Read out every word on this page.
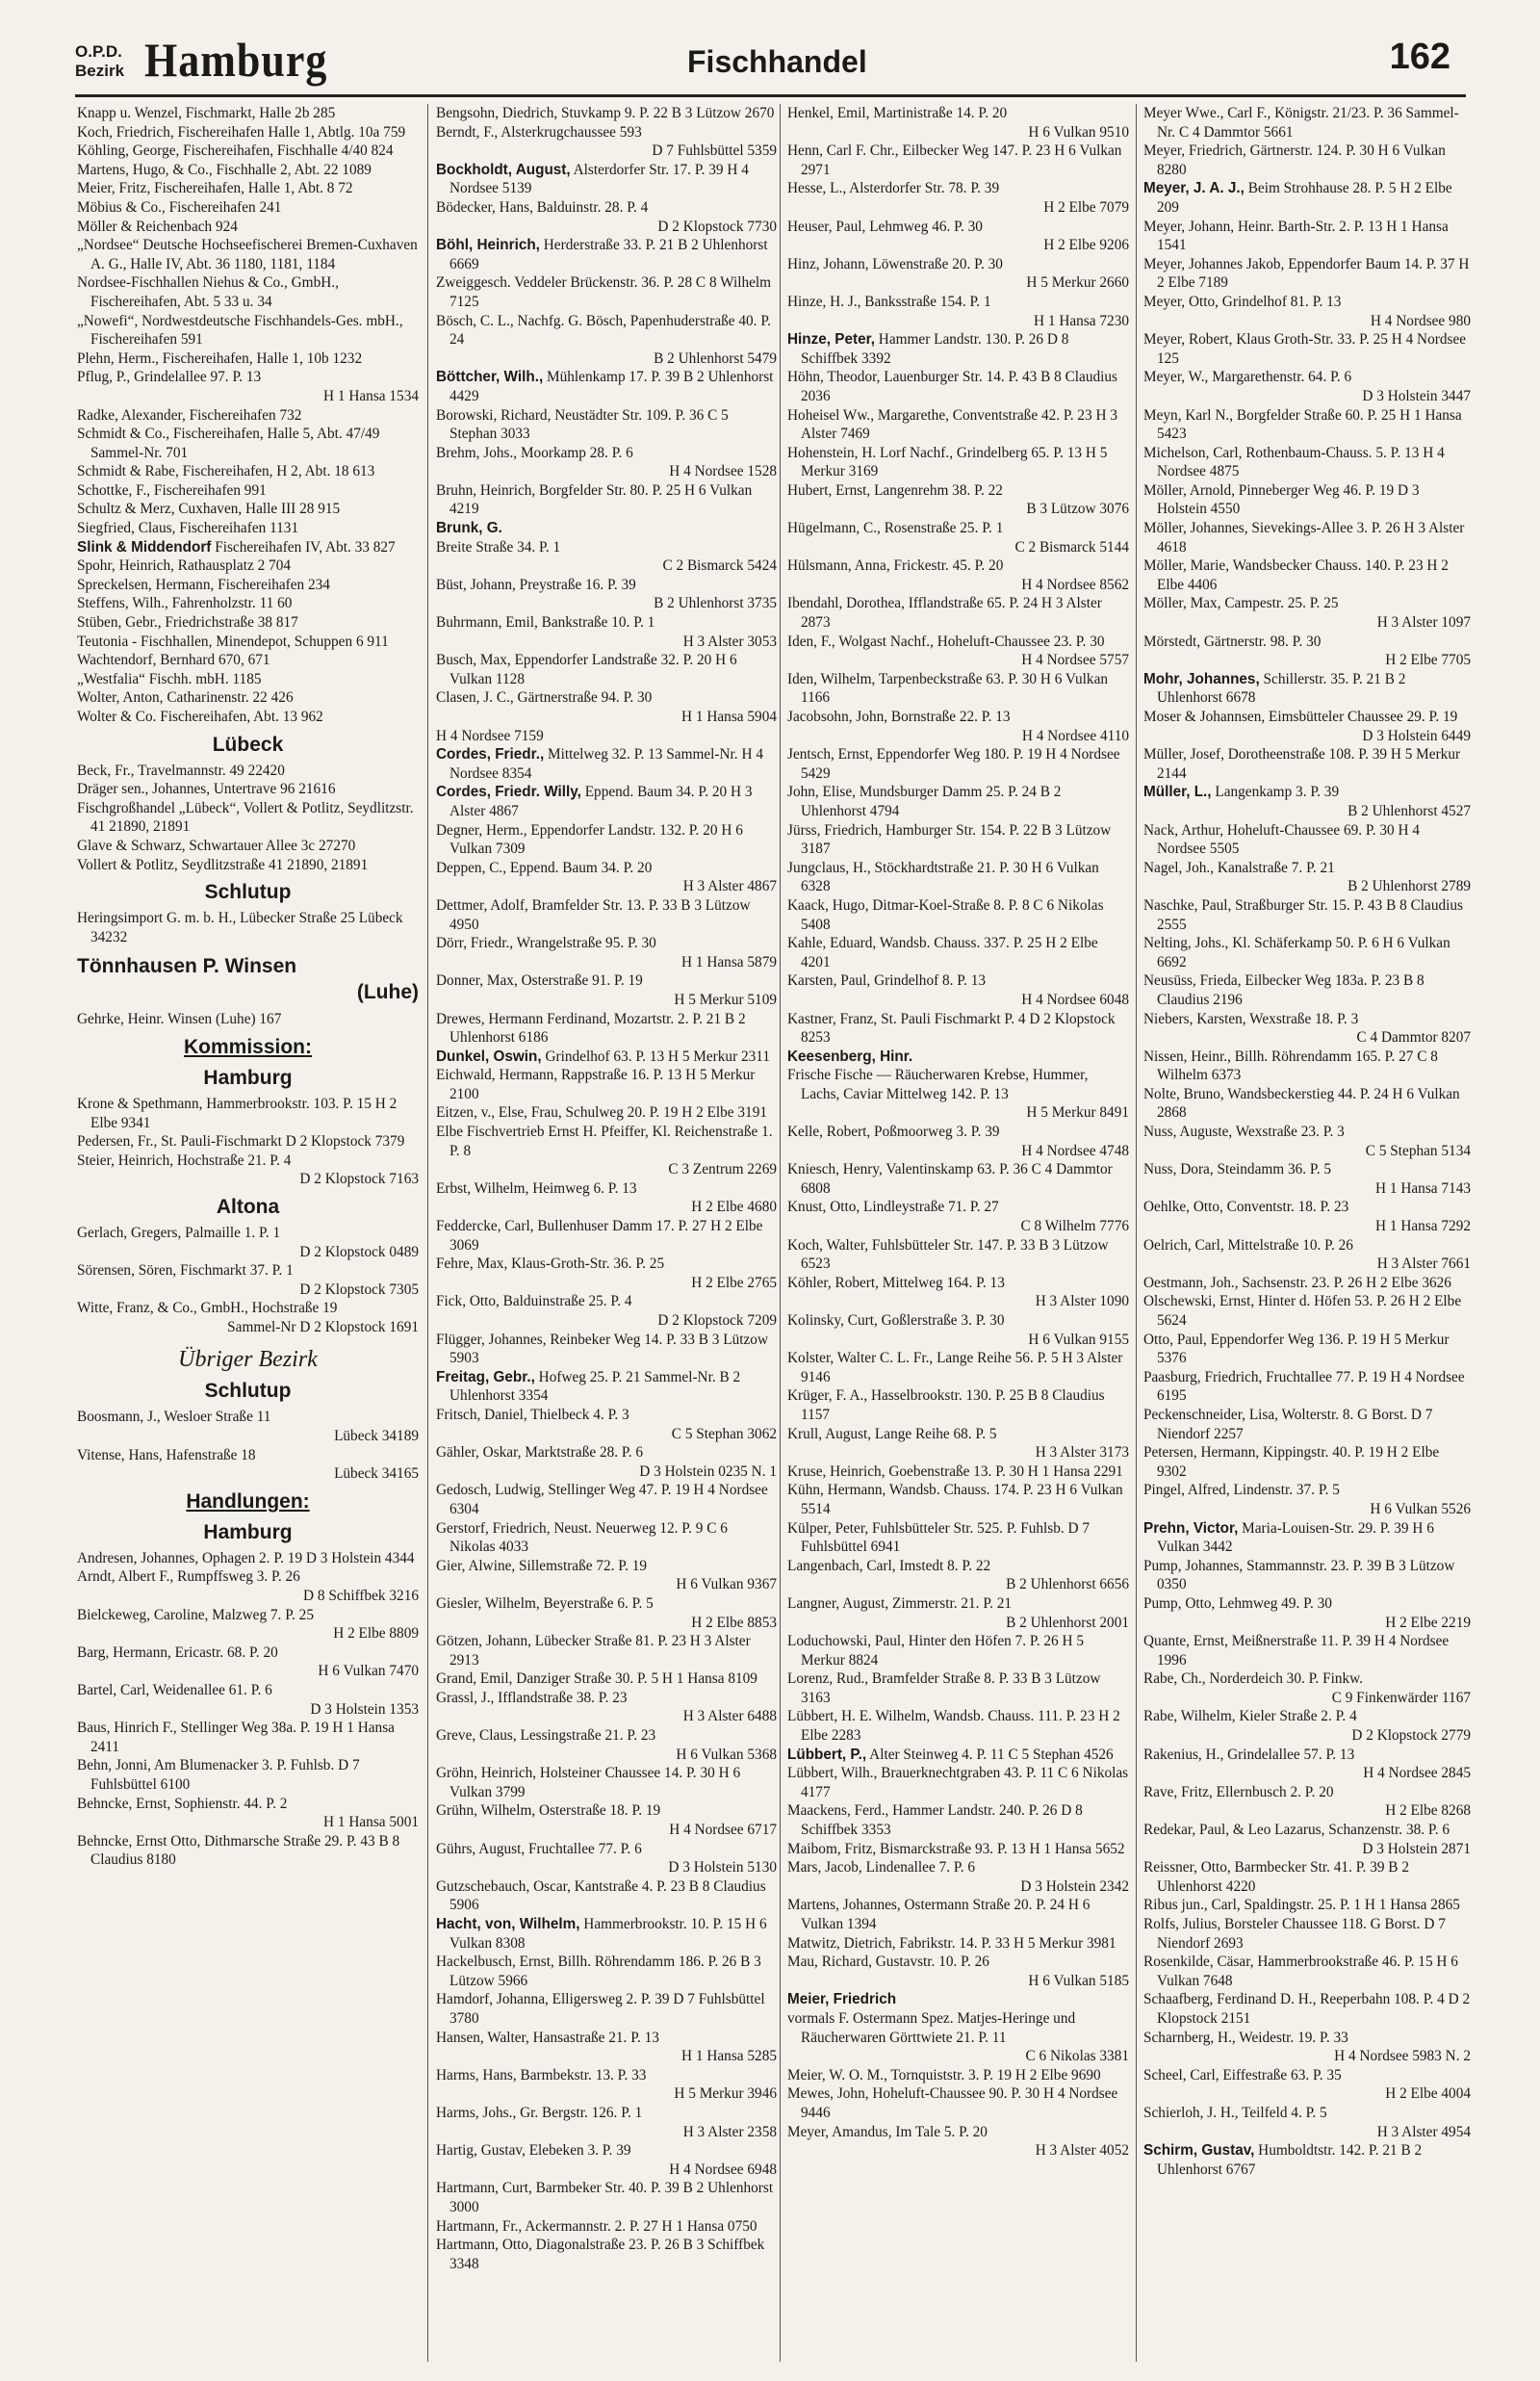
O.P.D.
Bezirk Hamburg	Fischhandel	162

Knapp u. Wenzel, Fischmarkt, Halle 2b 285

Koch, Friedrich, Fischereihafen Halle 1, Abtlg. 10a 759

Köhling, George, Fischereihafen, Fischhalle 4/40 824

Martens, Hugo, & Co., Fischhalle 2, Abt. 22 1089

Meier, Fritz, Fischereihafen, Halle 1, Abt. 8 72

Möbius & Co., Fischereihafen 241

Möller & Reichenbach 924

„Nordsee“ Deutsche Hochseefischerei Bremen-Cuxhaven A. G., Halle IV, Abt. 36 1180, 1181, 1184

Nordsee-Fischhallen Niehus & Co., GmbH., Fischereihafen, Abt. 5 33 u. 34

„Nowefi“, Nordwestdeutsche Fischhandels-Ges. mbH., Fischereihafen 591

Plehn, Herm., Fischereihafen, Halle 1, 10b 1232

Pflug, P., Grindelallee 97. P. 13

H 1 Hansa 1534

Radke, Alexander, Fischereihafen 732

Schmidt & Co., Fischereihafen, Halle 5, Abt. 47/49 Sammel-Nr. 701

Schmidt & Rabe, Fischereihafen, H 2, Abt. 18 613

Schottke, F., Fischereihafen 991

Schultz & Merz, Cuxhaven, Halle III 28 915

Siegfried, Claus, Fischereihafen 1131

Slink & Middendorf Fischereihafen IV, Abt. 33 827

Spohr, Heinrich, Rathausplatz 2 704

Spreckelsen, Hermann, Fischereihafen 234

Steffens, Wilh., Fahrenholzstr. 11 60

Stüben, Gebr., Friedrichstraße 38 817

Teutonia - Fischhallen, Minendepot, Schuppen 6 911

Wachtendorf, Bernhard 670, 671

„Westfalia“ Fischh. mbH. 1185

Wolter, Anton, Catharinenstr. 22 426

Wolter & Co. Fischereihafen, Abt. 13 962

Lübeck

Beck, Fr., Travelmannstr. 49 22420

Dräger sen., Johannes, Untertrave 96 21616

Fischgroßhandel „Lübeck“, Vollert & Potlitz, Seydlitzstr. 41 21890, 21891

Glave & Schwarz, Schwartauer Allee 3c 27270

Vollert & Potlitz, Seydlitzstraße 41 21890, 21891

Schlutup

Heringsimport G. m. b. H., Lübecker Straße 25 Lübeck 34232

Tönnhausen P. Winsen

(Luhe)

Gehrke, Heinr. Winsen (Luhe) 167

Kommission:

Hamburg

Krone & Spethmann, Hammerbrookstr. 103. P. 15 H 2 Elbe 9341

Pedersen, Fr., St. Pauli-Fischmarkt D 2 Klopstock 7379

Steier, Heinrich, Hochstraße 21. P. 4

D 2 Klopstock 7163

Altona

Gerlach, Gregers, Palmaille 1. P. 1

D 2 Klopstock 0489

Sörensen, Sören, Fischmarkt 37. P. 1

D 2 Klopstock 7305

Witte, Franz, & Co., GmbH., Hochstraße 19

Sammel-Nr D 2 Klopstock 1691

Übriger Bezirk

Schlutup

Boosmann, J., Wesloer Straße 11

Lübeck 34189

Vitense, Hans, Hafenstraße 18

Lübeck 34165

Handlungen:

Hamburg

Andresen, Johannes, Ophagen 2. P. 19 D 3 Holstein 4344

Arndt, Albert F., Rumpffsweg 3. P. 26

D 8 Schiffbek 3216

Bielckeweg, Caroline, Malzweg 7. P. 25

H 2 Elbe 8809

Barg, Hermann, Ericastr. 68. P. 20

H 6 Vulkan 7470

Bartel, Carl, Weidenallee 61. P. 6

D 3 Holstein 1353

Baus, Hinrich F., Stellinger Weg 38a. P. 19 H 1 Hansa 2411

Behn, Jonni, Am Blumenacker 3. P. Fuhlsb. D 7 Fuhlsbüttel 6100

Behncke, Ernst, Sophienstr. 44. P. 2

H 1 Hansa 5001

Behncke, Ernst Otto, Dithmarsche Straße 29. P. 43 B 8 Claudius 8180

Bengsohn, Diedrich, Stuvkamp 9. P. 22 B 3 Lützow 2670

Berndt, F., Alsterkrugchaussee 593

D 7 Fuhlsbüttel 5359

Bockholdt, August, Alsterdorfer Str. 17. P. 39 H 4 Nordsee 5139

Bödecker, Hans, Balduinstr. 28. P. 4

D 2 Klopstock 7730

Böhl, Heinrich, Herderstraße 33. P. 21 B 2 Uhlenhorst 6669

Zweiggesch. Veddeler Brückenstr. 36. P. 28 C 8 Wilhelm 7125

Bösch, C. L., Nachfg. G. Bösch, Papenhuderstraße 40. P. 24

B 2 Uhlenhorst 5479

Böttcher, Wilh., Mühlenkamp 17. P. 39 B 2 Uhlenhorst 4429

Borowski, Richard, Neustädter Str. 109. P. 36 C 5 Stephan 3033

Brehm, Johs., Moorkamp 28. P. 6

H 4 Nordsee 1528

Bruhn, Heinrich, Borgfelder Str. 80. P. 25 H 6 Vulkan 4219

Brunk, G.

Breite Straße 34. P. 1

C 2 Bismarck 5424

Büst, Johann, Preystraße 16. P. 39

B 2 Uhlenhorst 3735

Buhrmann, Emil, Bankstraße 10. P. 1

H 3 Alster 3053

Busch, Max, Eppendorfer Landstraße 32. P. 20 H 6 Vulkan 1128

Clasen, J. C., Gärtnerstraße 94. P. 30

H 1 Hansa 5904

H 4 Nordsee 7159

Cordes, Friedr., Mittelweg 32. P. 13 Sammel-Nr. H 4 Nordsee 8354

Cordes, Friedr. Willy, Eppend. Baum 34. P. 20 H 3 Alster 4867

Degner, Herm., Eppendorfer Landstr. 132. P. 20 H 6 Vulkan 7309

Deppen, C., Eppend. Baum 34. P. 20

H 3 Alster 4867

Dettmer, Adolf, Bramfelder Str. 13. P. 33 B 3 Lützow 4950

Dörr, Friedr., Wrangelstraße 95. P. 30

H 1 Hansa 5879

Donner, Max, Osterstraße 91. P. 19

H 5 Merkur 5109

Drewes, Hermann Ferdinand, Mozartstr. 2. P. 21 B 2 Uhlenhorst 6186

Dunkel, Oswin, Grindelhof 63. P. 13 H 5 Merkur 2311

Eichwald, Hermann, Rappstraße 16. P. 13 H 5 Merkur 2100

Eitzen, v., Else, Frau, Schulweg 20. P. 19 H 2 Elbe 3191

Elbe Fischvertrieb Ernst H. Pfeiffer, Kl. Reichenstraße 1. P. 8

C 3 Zentrum 2269

Erbst, Wilhelm, Heimweg 6. P. 13

H 2 Elbe 4680

Feddercke, Carl, Bullenhuser Damm 17. P. 27 H 2 Elbe 3069

Fehre, Max, Klaus-Groth-Str. 36. P. 25

H 2 Elbe 2765

Fick, Otto, Balduinstraße 25. P. 4

D 2 Klopstock 7209

Flügger, Johannes, Reinbeker Weg 14. P. 33 B 3 Lützow 5903

Freitag, Gebr., Hofweg 25. P. 21 Sammel-Nr. B 2 Uhlenhorst 3354

Fritsch, Daniel, Thielbeck 4. P. 3

C 5 Stephan 3062

Gähler, Oskar, Marktstraße 28. P. 6

D 3 Holstein 0235 N. 1

Gedosch, Ludwig, Stellinger Weg 47. P. 19 H 4 Nordsee 6304

Gerstorf, Friedrich, Neust. Neuerweg 12. P. 9 C 6 Nikolas 4033

Gier, Alwine, Sillemstraße 72. P. 19

H 6 Vulkan 9367

Giesler, Wilhelm, Beyerstraße 6. P. 5

H 2 Elbe 8853

Götzen, Johann, Lübecker Straße 81. P. 23 H 3 Alster 2913

Grand, Emil, Danziger Straße 30. P. 5 H 1 Hansa 8109

Grassl, J., Ifflandstraße 38. P. 23

H 3 Alster 6488

Greve, Claus, Lessingstraße 21. P. 23

H 6 Vulkan 5368

Gröhn, Heinrich, Holsteiner Chaussee 14. P. 30 H 6 Vulkan 3799

Grühn, Wilhelm, Osterstraße 18. P. 19

H 4 Nordsee 6717

Gührs, August, Fruchtallee 77. P. 6

D 3 Holstein 5130

Gutzschebauch, Oscar, Kantstraße 4. P. 23 B 8 Claudius 5906

Hacht, von, Wilhelm, Hammerbrookstr. 10. P. 15 H 6 Vulkan 8308

Hackelbusch, Ernst, Billh. Röhrendamm 186. P. 26 B 3 Lützow 5966

Hamdorf, Johanna, Elligersweg 2. P. 39 D 7 Fuhlsbüttel 3780

Hansen, Walter, Hansastraße 21. P. 13

H 1 Hansa 5285

Harms, Hans, Barmbekstr. 13. P. 33

H 5 Merkur 3946

Harms, Johs., Gr. Bergstr. 126. P. 1

H 3 Alster 2358

Hartig, Gustav, Elebeken 3. P. 39

H 4 Nordsee 6948

Hartmann, Curt, Barmbeker Str. 40. P. 39 B 2 Uhlenhorst 3000

Hartmann, Fr., Ackermannstr. 2. P. 27 H 1 Hansa 0750

Hartmann, Otto, Diagonalstraße 23. P. 26 B 3 Schiffbek 3348

Henkel, Emil, Martinistraße 14. P. 20

H 6 Vulkan 9510

Henn, Carl F. Chr., Eilbecker Weg 147. P. 23 H 6 Vulkan 2971

Hesse, L., Alsterdorfer Str. 78. P. 39

H 2 Elbe 7079

Heuser, Paul, Lehmweg 46. P. 30

H 2 Elbe 9206

Hinz, Johann, Löwenstraße 20. P. 30

H 5 Merkur 2660

Hinze, H. J., Banksstraße 154. P. 1

H 1 Hansa 7230

Hinze, Peter, Hammer Landstr. 130. P. 26 D 8 Schiffbek 3392

Höhn, Theodor, Lauenburger Str. 14. P. 43 B 8 Claudius 2036

Hoheisel Ww., Margarethe, Conventstraße 42. P. 23 H 3 Alster 7469

Hohenstein, H. Lorf Nachf., Grindelberg 65. P. 13 H 5 Merkur 3169

Hubert, Ernst, Langenrehm 38. P. 22

B 3 Lützow 3076

Hügelmann, C., Rosenstraße 25. P. 1

C 2 Bismarck 5144

Hülsmann, Anna, Frickestr. 45. P. 20

H 4 Nordsee 8562

Ibendahl, Dorothea, Ifflandstraße 65. P. 24 H 3 Alster 2873

Iden, F., Wolgast Nachf., Hoheluft-Chaussee 23. P. 30

H 4 Nordsee 5757

Iden, Wilhelm, Tarpenbeckstraße 63. P. 30 H 6 Vulkan 1166

Jacobsohn, John, Bornstraße 22. P. 13

H 4 Nordsee 4110

Jentsch, Ernst, Eppendorfer Weg 180. P. 19 H 4 Nordsee 5429

John, Elise, Mundsburger Damm 25. P. 24 B 2 Uhlenhorst 4794

Jürss, Friedrich, Hamburger Str. 154. P. 22 B 3 Lützow 3187

Jungclaus, H., Stöckhardtstraße 21. P. 30 H 6 Vulkan 6328

Kaack, Hugo, Ditmar-Koel-Straße 8. P. 8 C 6 Nikolas 5408

Kahle, Eduard, Wandsb. Chauss. 337. P. 25 H 2 Elbe 4201

Karsten, Paul, Grindelhof 8. P. 13

H 4 Nordsee 6048

Kastner, Franz, St. Pauli Fischmarkt P. 4 D 2 Klopstock 8253

Keesenberg, Hinr.

Frische Fische — Räucherwaren Krebse, Hummer, Lachs, Caviar Mittelweg 142. P. 13

H 5 Merkur 8491

Kelle, Robert, Poßmoorweg 3. P. 39

H 4 Nordsee 4748

Kniesch, Henry, Valentinskamp 63. P. 36 C 4 Dammtor 6808

Knust, Otto, Lindleystraße 71. P. 27

C 8 Wilhelm 7776

Koch, Walter, Fuhlsbütteler Str. 147. P. 33 B 3 Lützow 6523

Köhler, Robert, Mittelweg 164. P. 13

H 3 Alster 1090

Kolinsky, Curt, Goßlerstraße 3. P. 30

H 6 Vulkan 9155

Kolster, Walter C. L. Fr., Lange Reihe 56. P. 5 H 3 Alster 9146

Krüger, F. A., Hasselbrookstr. 130. P. 25 B 8 Claudius 1157

Krull, August, Lange Reihe 68. P. 5

H 3 Alster 3173

Kruse, Heinrich, Goebenstraße 13. P. 30 H 1 Hansa 2291

Kühn, Hermann, Wandsb. Chauss. 174. P. 23 H 6 Vulkan 5514

Külper, Peter, Fuhlsbütteler Str. 525. P. Fuhlsb. D 7 Fuhlsbüttel 6941

Langenbach, Carl, Imstedt 8. P. 22

B 2 Uhlenhorst 6656

Langner, August, Zimmerstr. 21. P. 21

B 2 Uhlenhorst 2001

Loduchowski, Paul, Hinter den Höfen 7. P. 26 H 5 Merkur 8824

Lorenz, Rud., Bramfelder Straße 8. P. 33 B 3 Lützow 3163

Lübbert, H. E. Wilhelm, Wandsb. Chauss. 111. P. 23 H 2 Elbe 2283

Lübbert, P., Alter Steinweg 4. P. 11 C 5 Stephan 4526

Lübbert, Wilh., Brauerknechtgraben 43. P. 11 C 6 Nikolas 4177

Maackens, Ferd., Hammer Landstr. 240. P. 26 D 8 Schiffbek 3353

Maibom, Fritz, Bismarckstraße 93. P. 13 H 1 Hansa 5652

Mars, Jacob, Lindenallee 7. P. 6

D 3 Holstein 2342

Martens, Johannes, Ostermann Straße 20. P. 24 H 6 Vulkan 1394

Matwitz, Dietrich, Fabrikstr. 14. P. 33 H 5 Merkur 3981

Mau, Richard, Gustavstr. 10. P. 26

H 6 Vulkan 5185

Meier, Friedrich

vormals F. Ostermann Spez. Matjes-Heringe und Räucherwaren Görttwiete 21. P. 11

C 6 Nikolas 3381

Meier, W. O. M., Tornquiststr. 3. P. 19 H 2 Elbe 9690

Mewes, John, Hoheluft-Chaussee 90. P. 30 H 4 Nordsee 9446

Meyer, Amandus, Im Tale 5. P. 20

H 3 Alster 4052

Meyer Wwe., Carl F., Königstr. 21/23. P. 36 Sammel-Nr. C 4 Dammtor 5661

Meyer, Friedrich, Gärtnerstr. 124. P. 30 H 6 Vulkan 8280

Meyer, J. A. J., Beim Strohhause 28. P. 5 H 2 Elbe 209

Meyer, Johann, Heinr. Barth-Str. 2. P. 13 H 1 Hansa 1541

Meyer, Johannes Jakob, Eppendorfer Baum 14. P. 37 H 2 Elbe 7189

Meyer, Otto, Grindelhof 81. P. 13

H 4 Nordsee 980

Meyer, Robert, Klaus Groth-Str. 33. P. 25 H 4 Nordsee 125

Meyer, W., Margarethenstr. 64. P. 6

D 3 Holstein 3447

Meyn, Karl N., Borgfelder Straße 60. P. 25 H 1 Hansa 5423

Michelson, Carl, Rothenbaum-Chauss. 5. P. 13 H 4 Nordsee 4875

Möller, Arnold, Pinneberger Weg 46. P. 19 D 3 Holstein 4550

Möller, Johannes, Sievekings-Allee 3. P. 26 H 3 Alster 4618

Möller, Marie, Wandsbecker Chauss. 140. P. 23 H 2 Elbe 4406

Möller, Max, Campestr. 25. P. 25

H 3 Alster 1097

Mörstedt, Gärtnerstr. 98. P. 30

H 2 Elbe 7705

Mohr, Johannes, Schillerstr. 35. P. 21 B 2 Uhlenhorst 6678

Moser & Johannsen, Eimsbütteler Chaussee 29. P. 19

D 3 Holstein 6449

Müller, Josef, Dorotheenstraße 108. P. 39 H 5 Merkur 2144

Müller, L., Langenkamp 3. P. 39

B 2 Uhlenhorst 4527

Nack, Arthur, Hoheluft-Chaussee 69. P. 30 H 4 Nordsee 5505

Nagel, Joh., Kanalstraße 7. P. 21

B 2 Uhlenhorst 2789

Naschke, Paul, Straßburger Str. 15. P. 43 B 8 Claudius 2555

Nelting, Johs., Kl. Schäferkamp 50. P. 6 H 6 Vulkan 6692

Neusüss, Frieda, Eilbecker Weg 183a. P. 23 B 8 Claudius 2196

Niebers, Karsten, Wexstraße 18. P. 3

C 4 Dammtor 8207

Nissen, Heinr., Billh. Röhrendamm 165. P. 27 C 8 Wilhelm 6373

Nolte, Bruno, Wandsbeckerstieg 44. P. 24 H 6 Vulkan 2868

Nuss, Auguste, Wexstraße 23. P. 3

C 5 Stephan 5134

Nuss, Dora, Steindamm 36. P. 5

H 1 Hansa 7143

Oehlke, Otto, Conventstr. 18. P. 23

H 1 Hansa 7292

Oelrich, Carl, Mittelstraße 10. P. 26

H 3 Alster 7661

Oestmann, Joh., Sachsenstr. 23. P. 26 H 2 Elbe 3626

Olschewski, Ernst, Hinter d. Höfen 53. P. 26 H 2 Elbe 5624

Otto, Paul, Eppendorfer Weg 136. P. 19 H 5 Merkur 5376

Paasburg, Friedrich, Fruchtallee 77. P. 19 H 4 Nordsee 6195

Peckenschneider, Lisa, Wolterstr. 8. G Borst. D 7 Niendorf 2257

Petersen, Hermann, Kippingstr. 40. P. 19 H 2 Elbe 9302

Pingel, Alfred, Lindenstr. 37. P. 5

H 6 Vulkan 5526

Prehn, Victor, Maria-Louisen-Str. 29. P. 39 H 6 Vulkan 3442

Pump, Johannes, Stammannstr. 23. P. 39 B 3 Lützow 0350

Pump, Otto, Lehmweg 49. P. 30

H 2 Elbe 2219

Quante, Ernst, Meißnerstraße 11. P. 39 H 4 Nordsee 1996

Rabe, Ch., Norderdeich 30. P. Finkw.

C 9 Finkenwärder 1167

Rabe, Wilhelm, Kieler Straße 2. P. 4

D 2 Klopstock 2779

Rakenius, H., Grindelallee 57. P. 13

H 4 Nordsee 2845

Rave, Fritz, Ellernbusch 2. P. 20

H 2 Elbe 8268

Redekar, Paul, & Leo Lazarus, Schanzenstr. 38. P. 6

D 3 Holstein 2871

Reissner, Otto, Barmbecker Str. 41. P. 39 B 2 Uhlenhorst 4220

Ribus jun., Carl, Spaldingstr. 25. P. 1 H 1 Hansa 2865

Rolfs, Julius, Borsteler Chaussee 118. G Borst. D 7 Niendorf 2693

Rosenkilde, Cäsar, Hammerbrookstraße 46. P. 15 H 6 Vulkan 7648

Schaafberg, Ferdinand D. H., Reeperbahn 108. P. 4 D 2 Klopstock 2151

Scharnberg, H., Weidestr. 19. P. 33

H 4 Nordsee 5983 N. 2

Scheel, Carl, Eiffestraße 63. P. 35

H 2 Elbe 4004

Schierloh, J. H., Teilfeld 4. P. 5

H 3 Alster 4954

Schirm, Gustav, Humboldtstr. 142. P. 21 B 2 Uhlenhorst 6767
